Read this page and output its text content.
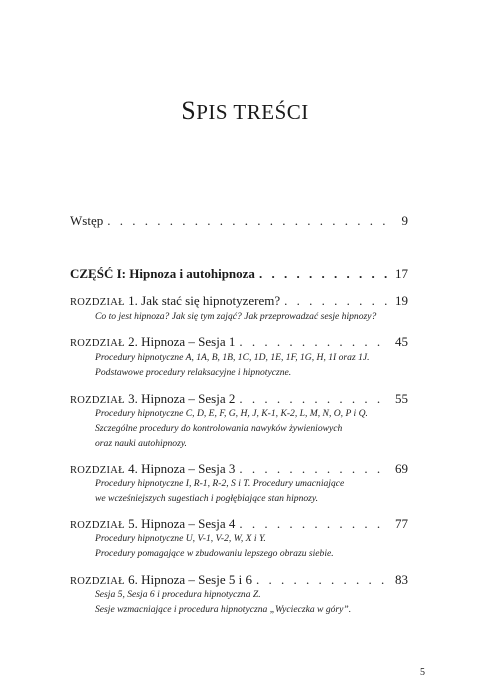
SPIS TREŚCI
Wstęp . . .	9
CZĘŚĆ I: Hipnoza i autohipnoza . . .	17
ROZDZIAŁ 1. Jak stać się hipnotyzerem? . . .	19
Co to jest hipnoza? Jak się tym zająć? Jak przeprowadzać sesje hipnozy?
ROZDZIAŁ 2. Hipnoza – Sesja 1 . . .	45
Procedury hipnotyczne A, 1A, B, 1B, 1C, 1D, 1E, 1F, 1G, H, 1I oraz 1J.
Podstawowe procedury relaksacyjne i hipnotyczne.
ROZDZIAŁ 3. Hipnoza – Sesja 2 . . .	55
Procedury hipnotyczne C, D, E, F, G, H, J, K-1, K-2, L, M, N, O, P i Q.
Szczególne procedury do kontrolowania nawyków żywieniowych
oraz nauki autohipnozy.
ROZDZIAŁ 4. Hipnoza – Sesja 3 . . .	69
Procedury hipnotyczne I, R-1, R-2, S i T. Procedury umacniające
we wcześniejszych sugestiach i pogłębiające stan hipnozy.
ROZDZIAŁ 5. Hipnoza – Sesja 4 . . .	77
Procedury hipnotyczne U, V-1, V-2, W, X i Y.
Procedury pomagające w zbudowaniu lepszego obrazu siebie.
ROZDZIAŁ 6. Hipnoza – Sesje 5 i 6 . . .	83
Sesja 5, Sesja 6 i procedura hipnotyczna Z.
Sesje wzmacniające i procedura hipnotyczna „Wycieczka w góry”.
5
